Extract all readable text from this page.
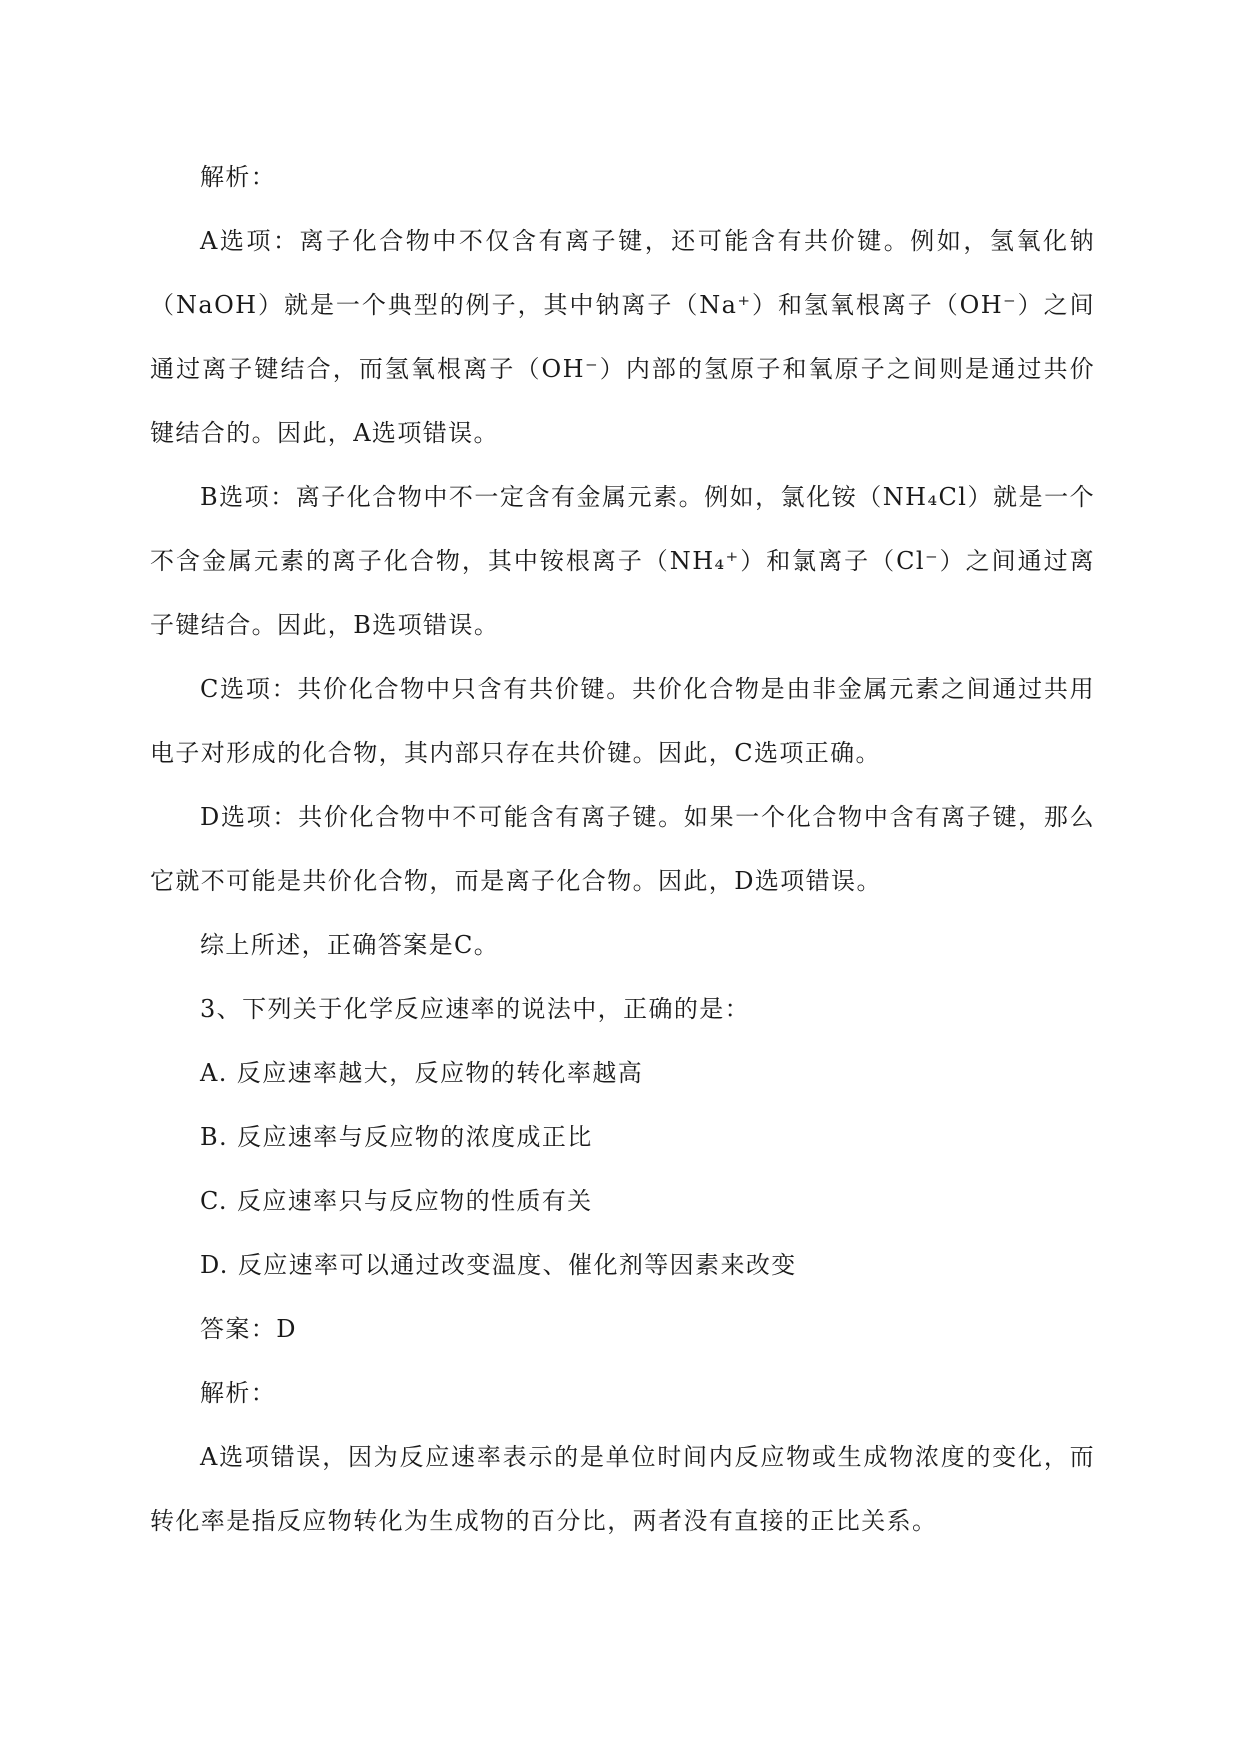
解析：

A选项：离子化合物中不仅含有离子键，还可能含有共价键。例如，氢氧化钠（NaOH）就是一个典型的例子，其中钠离子（Na⁺）和氢氧根离子（OH⁻）之间通过离子键结合，而氢氧根离子（OH⁻）内部的氢原子和氧原子之间则是通过共价键结合的。因此，A选项错误。

B选项：离子化合物中不一定含有金属元素。例如，氯化铵（NH₄Cl）就是一个不含金属元素的离子化合物，其中铵根离子（NH₄⁺）和氯离子（Cl⁻）之间通过离子键结合。因此，B选项错误。

C选项：共价化合物中只含有共价键。共价化合物是由非金属元素之间通过共用电子对形成的化合物，其内部只存在共价键。因此，C选项正确。

D选项：共价化合物中不可能含有离子键。如果一个化合物中含有离子键，那么它就不可能是共价化合物，而是离子化合物。因此，D选项错误。

综上所述，正确答案是C。

3、下列关于化学反应速率的说法中，正确的是：

A. 反应速率越大，反应物的转化率越高

B. 反应速率与反应物的浓度成正比

C. 反应速率只与反应物的性质有关

D. 反应速率可以通过改变温度、催化剂等因素来改变

答案：D

解析：

A选项错误，因为反应速率表示的是单位时间内反应物或生成物浓度的变化，而转化率是指反应物转化为生成物的百分比，两者没有直接的正比关系。
